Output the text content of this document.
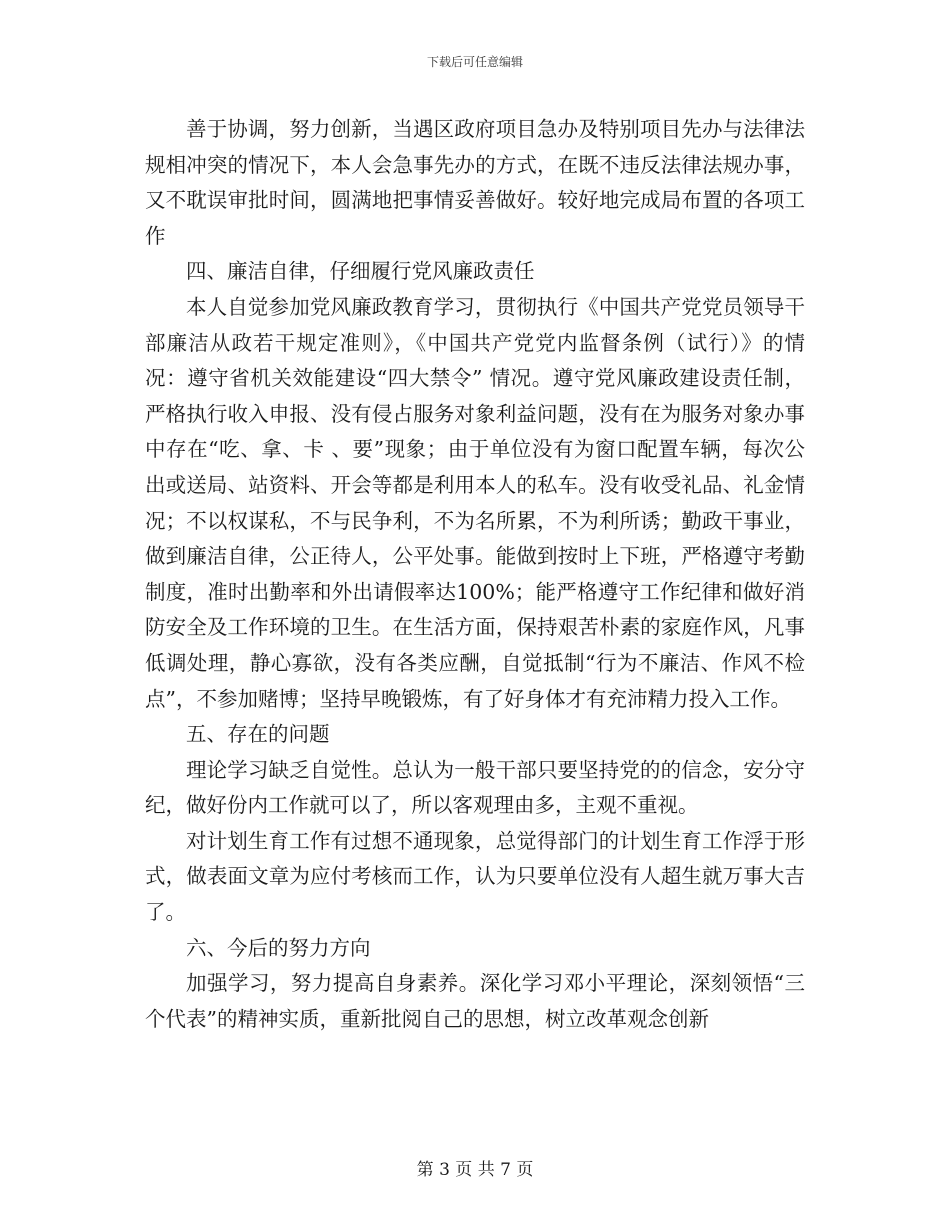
下载后可任意编辑

善于协调，努力创新，当遇区政府项目急办及特别项目先办与法律法规相冲突的情况下，本人会急事先办的方式，在既不违反法律法规办事，又不耽误审批时间，圆满地把事情妥善做好。较好地完成局布置的各项工作

四、廉洁自律，仔细履行党风廉政责任

本人自觉参加党风廉政教育学习，贯彻执行《中国共产党党员领导干部廉洁从政若干规定准则》，《中国共产党党内监督条例（试行）》的情况：遵守省机关效能建设“四大禁令” 情况。遵守党风廉政建设责任制，严格执行收入申报、没有侵占服务对象利益问题，没有在为服务对象办事中存在“吃、拿、卡 、要”现象；由于单位没有为窗口配置车辆，每次公出或送局、站资料、开会等都是利用本人的私车。没有收受礼品、礼金情况；不以权谋私，不与民争利，不为名所累，不为利所诱；勤政干事业，做到廉洁自律，公正待人，公平处事。能做到按时上下班，严格遵守考勤制度，准时出勤率和外出请假率达100%；能严格遵守工作纪律和做好消防安全及工作环境的卫生。在生活方面，保持艰苦朴素的家庭作风，凡事低调处理，静心寡欲，没有各类应酬，自觉抵制“行为不廉洁、作风不检点”，不参加赌博；坚持早晚锻炼，有了好身体才有充沛精力投入工作。

五、存在的问题

理论学习缺乏自觉性。总认为一般干部只要坚持党的的信念，安分守纪，做好份内工作就可以了，所以客观理由多，主观不重视。

对计划生育工作有过想不通现象，总觉得部门的计划生育工作浮于形式，做表面文章为应付考核而工作，认为只要单位没有人超生就万事大吉了。

六、今后的努力方向

加强学习，努力提高自身素养。深化学习邓小平理论，深刻领悟“三个代表”的精神实质，重新批阅自己的思想，树立改革观念创新

第 3 页 共 7 页
